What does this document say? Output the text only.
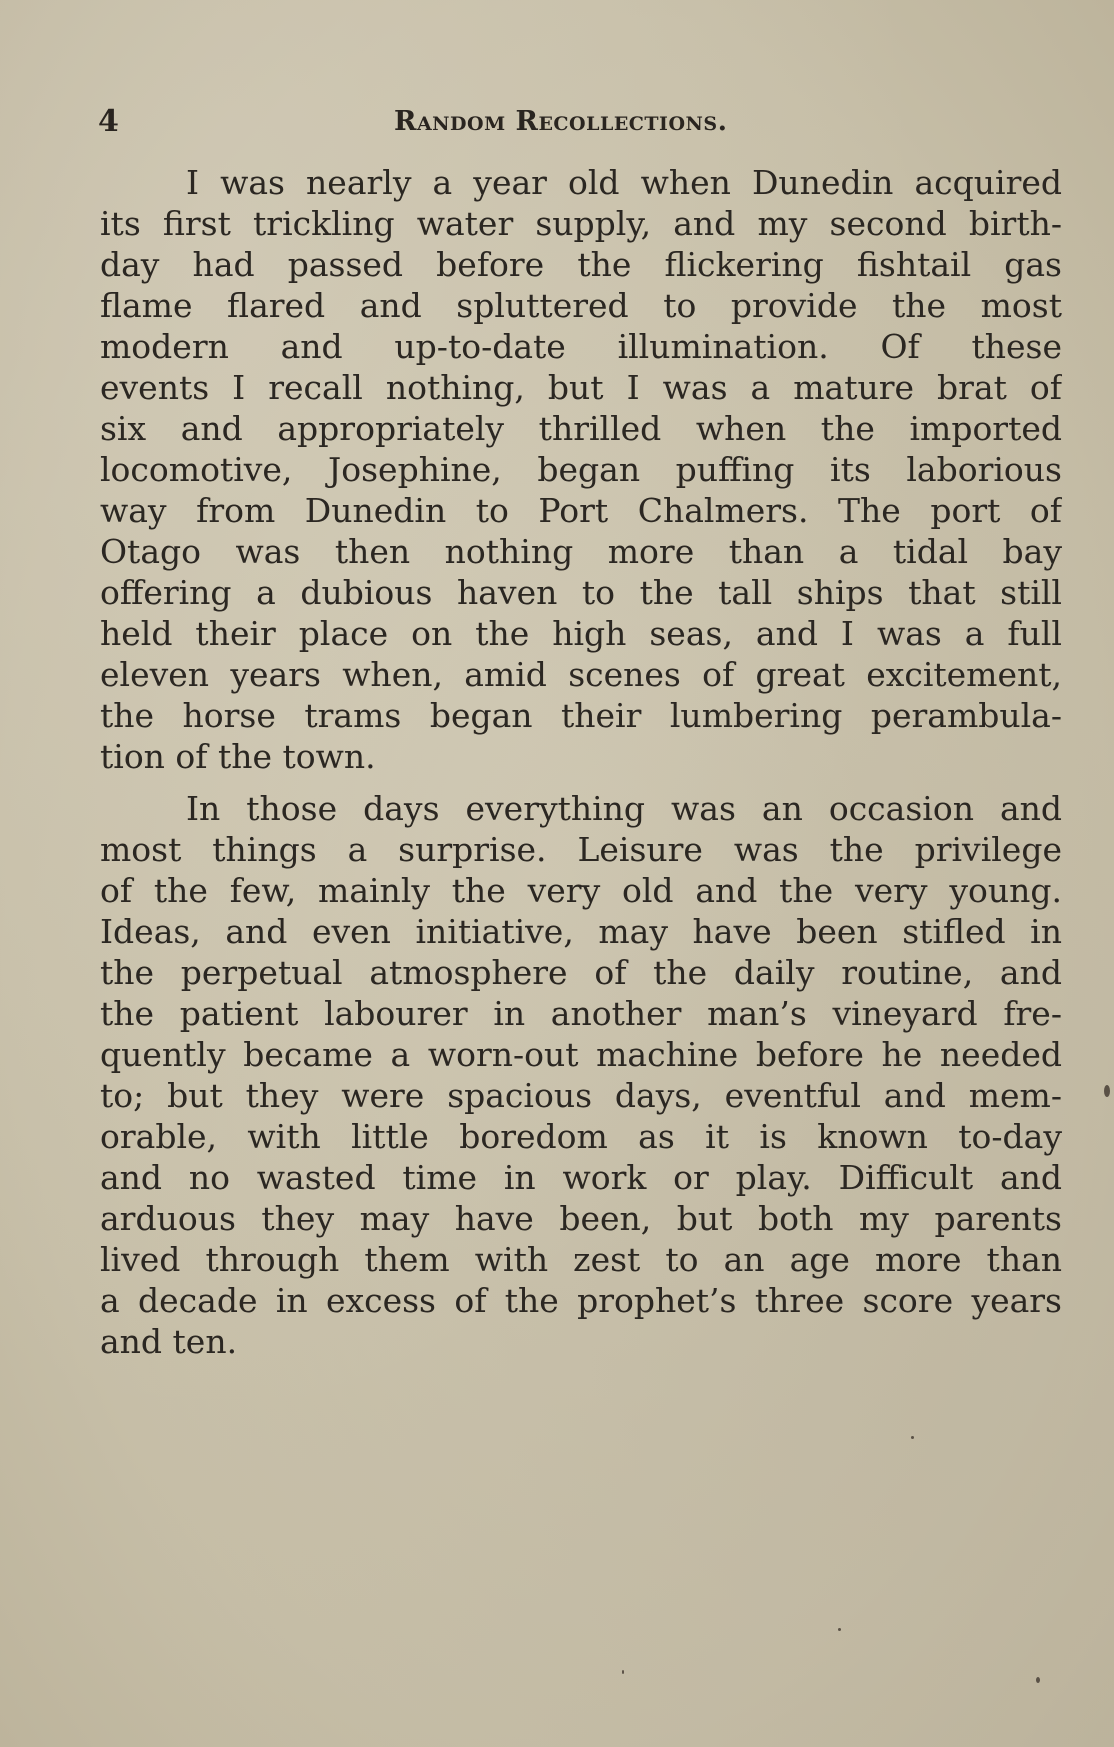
4	Random Recollections.
I was nearly a year old when Dunedin acquired
its first trickling water supply, and my second birth-
day had passed before the flickering fishtail gas
flame flared and spluttered to provide the most
modern and up-to-date illumination. Of these
events I recall nothing, but I was a mature brat of
six and appropriately thrilled when the imported
locomotive, Josephine, began puffing its laborious
way from Dunedin to Port Chalmers. The port of
Otago was then nothing more than a tidal bay
offering a dubious haven to the tall ships that still
held their place on the high seas, and I was a full
eleven years when, amid scenes of great excitement,
the horse trams began their lumbering perambula-
tion of the town.
In those days everything was an occasion and
most things a surprise. Leisure was the privilege
of the few, mainly the very old and the very young.
Ideas, and even initiative, may have been stifled in
the perpetual atmosphere of the daily routine, and
the patient labourer in another man’s vineyard fre-
quently became a worn-out machine before he needed
to; but they were spacious days, eventful and mem-
orable, with little boredom as it is known to-day
and no wasted time in work or play. Difficult and
arduous they may have been, but both my parents
lived through them with zest to an age more than
a decade in excess of the prophet’s three score years
and ten.
